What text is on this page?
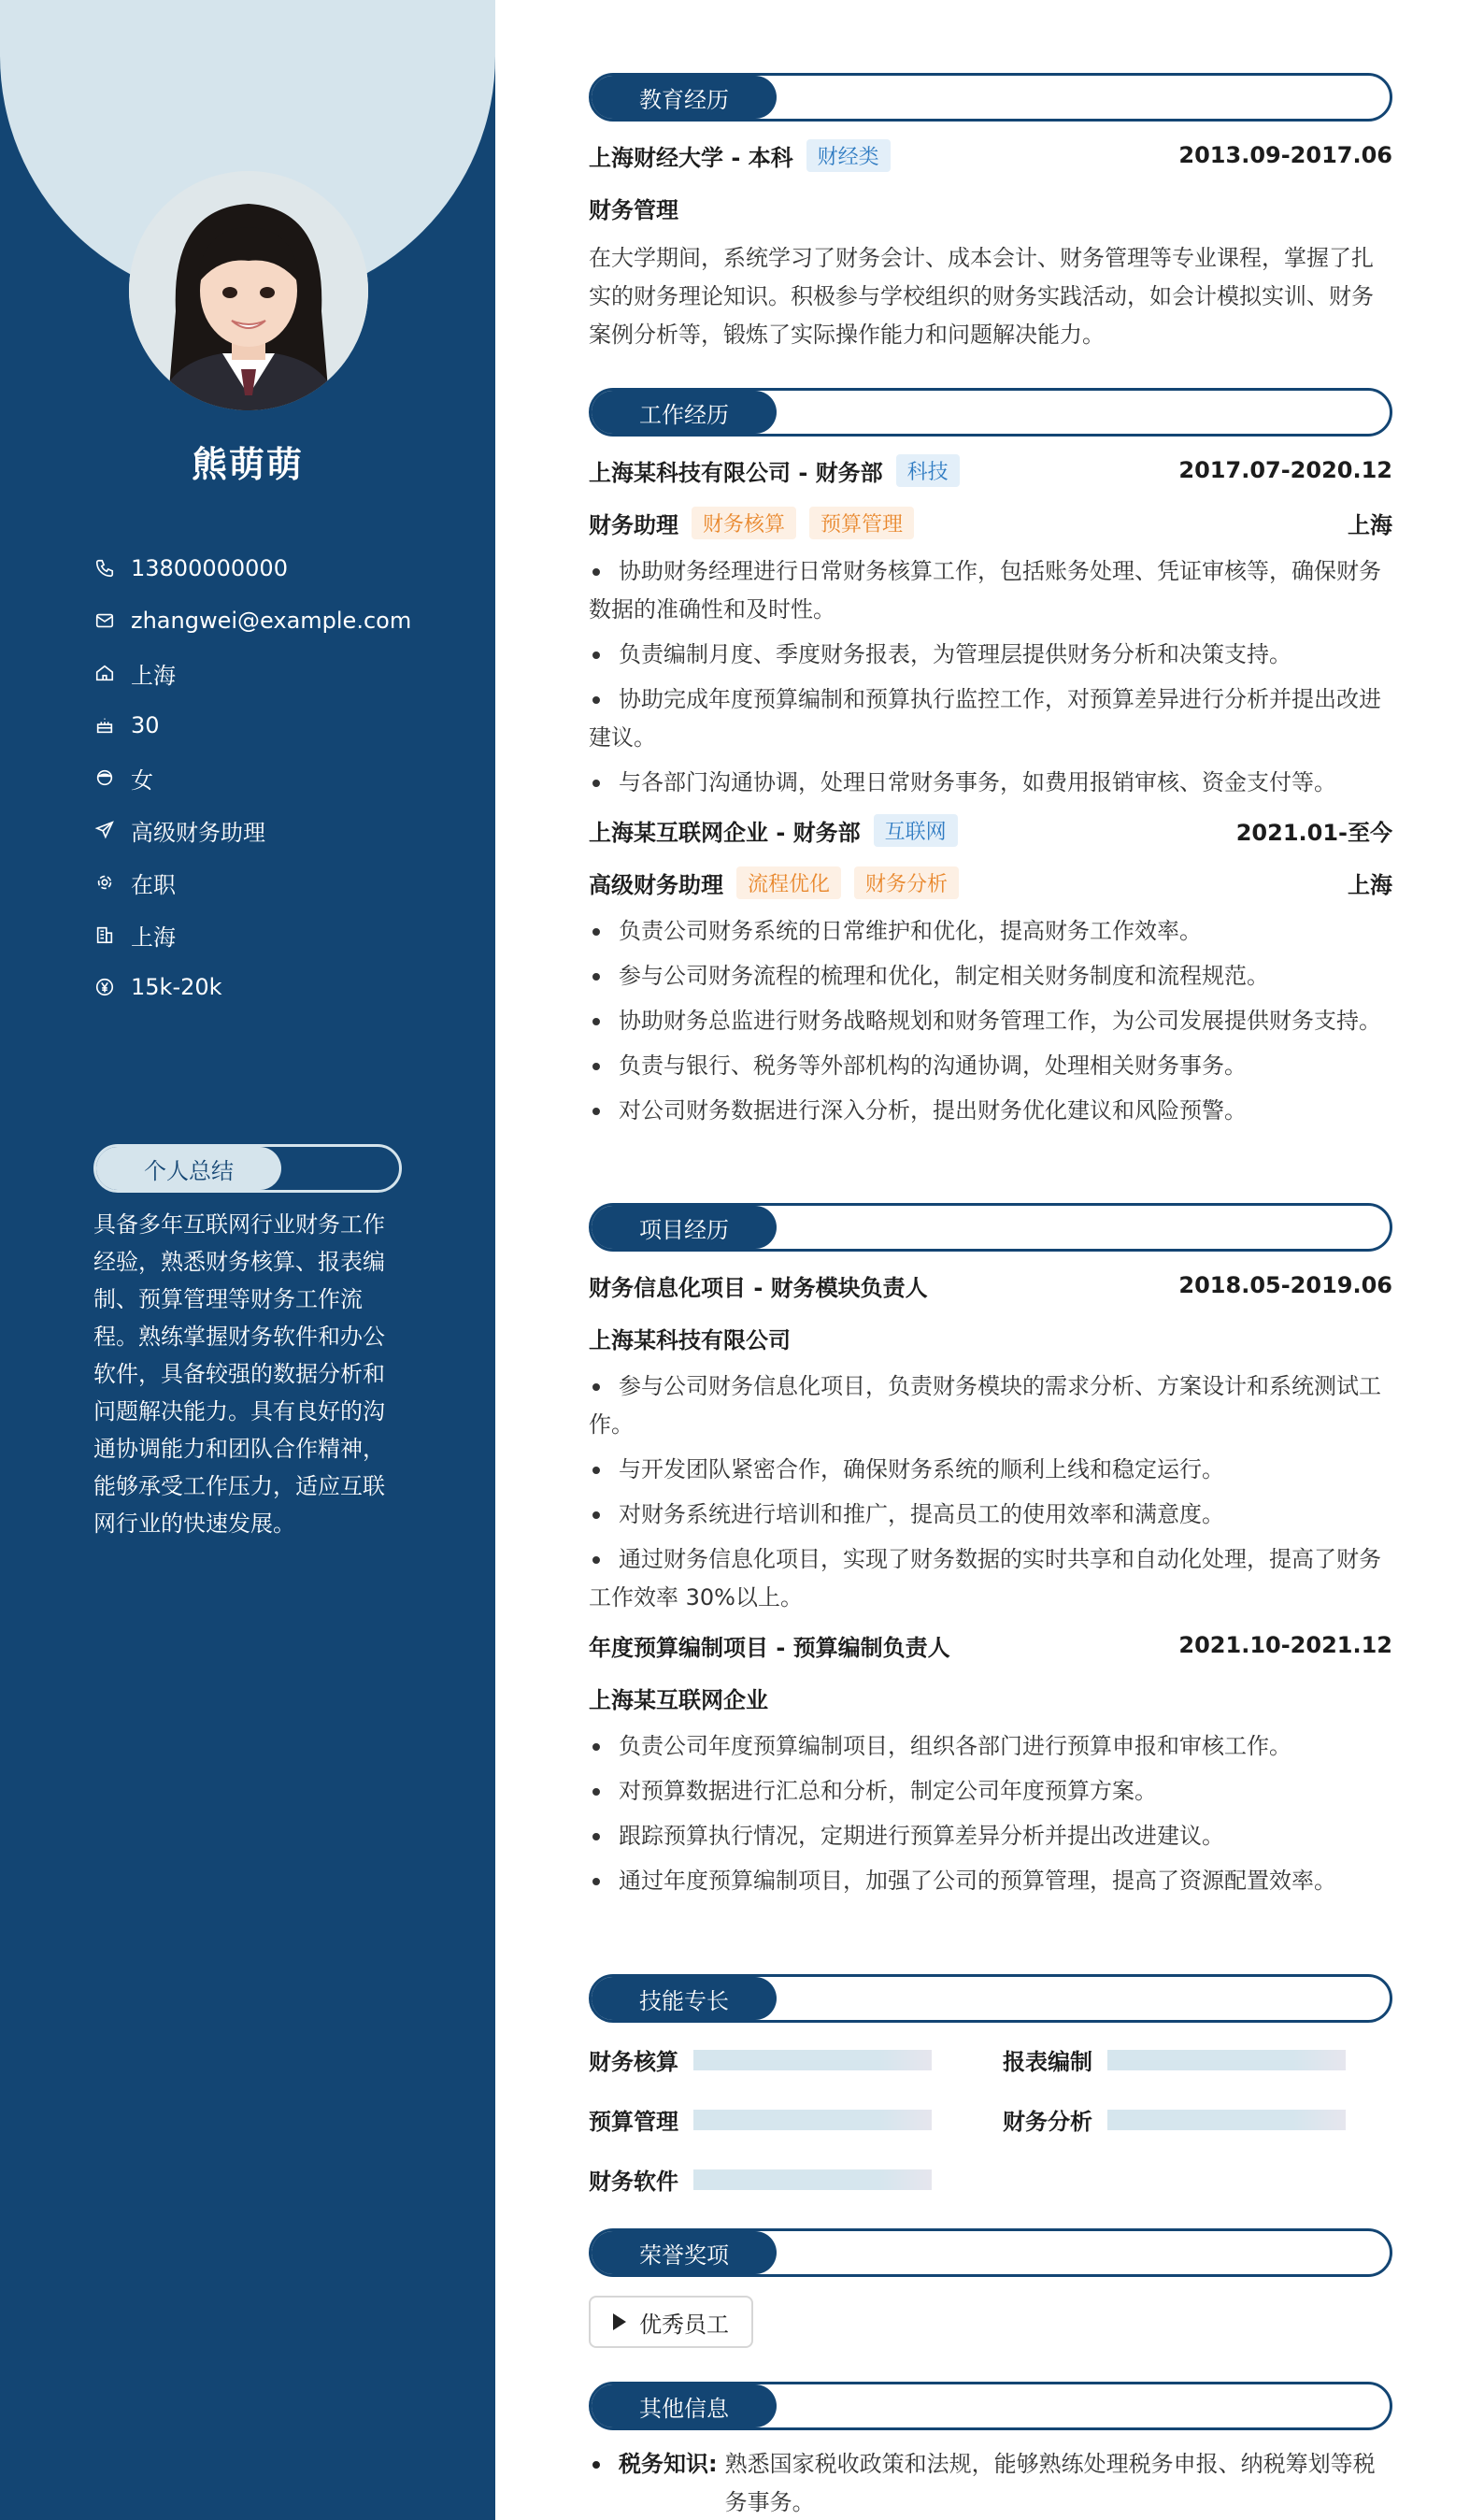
熊萌萌
13800000000
zhangwei@example.com
上海
30
女
高级财务助理
在职
上海
15k-20k
个人总结
具备多年互联网行业财务工作经验，熟悉财务核算、报表编制、预算管理等财务工作流程。熟练掌握财务软件和办公软件，具备较强的数据分析和问题解决能力。具有良好的沟通协调能力和团队合作精神，能够承受工作压力，适应互联网行业的快速发展。
教育经历
上海财经大学 - 本科	财经类	2013.09-2017.06
财务管理

在大学期间，系统学习了财务会计、成本会计、财务管理等专业课程，掌握了扎实的财务理论知识。积极参与学校组织的财务实践活动，如会计模拟实训、财务案例分析等，锻炼了实际操作能力和问题解决能力。

工作经历
上海某科技有限公司 - 财务部	科技	2017.07-2020.12
财务助理	财务核算	预算管理	上海
协助财务经理进行日常财务核算工作，包括账务处理、凭证审核等，确保财务数据的准确性和及时性。
负责编制月度、季度财务报表，为管理层提供财务分析和决策支持。
协助完成年度预算编制和预算执行监控工作，对预算差异进行分析并提出改进建议。
与各部门沟通协调，处理日常财务事务，如费用报销审核、资金支付等。
上海某互联网企业 - 财务部	互联网	2021.01-至今
高级财务助理	流程优化	财务分析	上海
负责公司财务系统的日常维护和优化，提高财务工作效率。
参与公司财务流程的梳理和优化，制定相关财务制度和流程规范。
协助财务总监进行财务战略规划和财务管理工作，为公司发展提供财务支持。
负责与银行、税务等外部机构的沟通协调，处理相关财务事务。
对公司财务数据进行深入分析，提出财务优化建议和风险预警。
项目经历
财务信息化项目 - 财务模块负责人	2018.05-2019.06
上海某科技有限公司
参与公司财务信息化项目，负责财务模块的需求分析、方案设计和系统测试工作。
与开发团队紧密合作，确保财务系统的顺利上线和稳定运行。
对财务系统进行培训和推广，提高员工的使用效率和满意度。
通过财务信息化项目，实现了财务数据的实时共享和自动化处理，提高了财务工作效率 30%以上。
年度预算编制项目 - 预算编制负责人	2021.10-2021.12
上海某互联网企业
负责公司年度预算编制项目，组织各部门进行预算申报和审核工作。
对预算数据进行汇总和分析，制定公司年度预算方案。
跟踪预算执行情况，定期进行预算差异分析并提出改进建议。
通过年度预算编制项目，加强了公司的预算管理，提高了资源配置效率。
技能专长
财务核算	报表编制
预算管理	财务分析
财务软件
荣誉奖项
优秀员工
其他信息
税务知识: 熟悉国家税收政策和法规，能够熟练处理税务申报、纳税筹划等税务事务。
